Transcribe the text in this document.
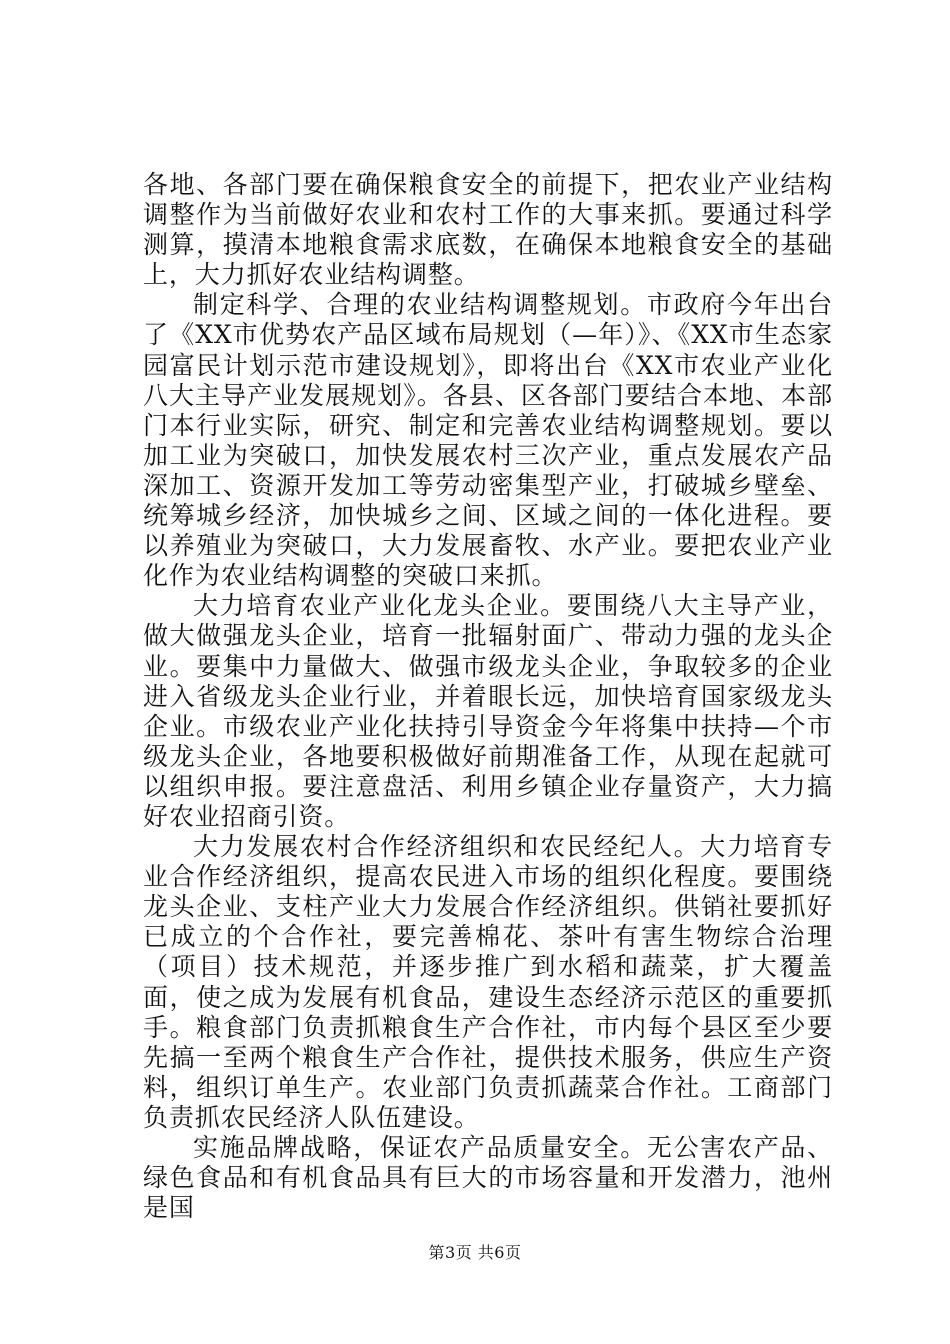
各地、各部门要在确保粮食安全的前提下，把农业产业结构调整作为当前做好农业和农村工作的大事来抓。要通过科学测算，摸清本地粮食需求底数，在确保本地粮食安全的基础上，大力抓好农业结构调整。

制定科学、合理的农业结构调整规划。市政府今年出台了《XX市优势农产品区域布局规划（—年）》、《XX市生态家园富民计划示范市建设规划》，即将出台《XX市农业产业化八大主导产业发展规划》。各县、区各部门要结合本地、本部门本行业实际，研究、制定和完善农业结构调整规划。要以加工业为突破口，加快发展农村三次产业，重点发展农产品深加工、资源开发加工等劳动密集型产业，打破城乡壁垒、统筹城乡经济，加快城乡之间、区域之间的一体化进程。要以养殖业为突破口，大力发展畜牧、水产业。要把农业产业化作为农业结构调整的突破口来抓。

大力培育农业产业化龙头企业。要围绕八大主导产业，做大做强龙头企业，培育一批辐射面广、带动力强的龙头企业。要集中力量做大、做强市级龙头企业，争取较多的企业进入省级龙头企业行业，并着眼长远，加快培育国家级龙头企业。市级农业产业化扶持引导资金今年将集中扶持—个市级龙头企业，各地要积极做好前期准备工作，从现在起就可以组织申报。要注意盘活、利用乡镇企业存量资产，大力搞好农业招商引资。

大力发展农村合作经济组织和农民经纪人。大力培育专业合作经济组织，提高农民进入市场的组织化程度。要围绕龙头企业、支柱产业大力发展合作经济组织。供销社要抓好已成立的个合作社，要完善棉花、茶叶有害生物综合治理（项目）技术规范，并逐步推广到水稻和蔬菜，扩大覆盖面，使之成为发展有机食品，建设生态经济示范区的重要抓手。粮食部门负责抓粮食生产合作社，市内每个县区至少要先搞一至两个粮食生产合作社，提供技术服务，供应生产资料，组织订单生产。农业部门负责抓蔬菜合作社。工商部门负责抓农民经济人队伍建设。

实施品牌战略，保证农产品质量安全。无公害农产品、绿色食品和有机食品具有巨大的市场容量和开发潜力，池州是国

第3页 共6页
